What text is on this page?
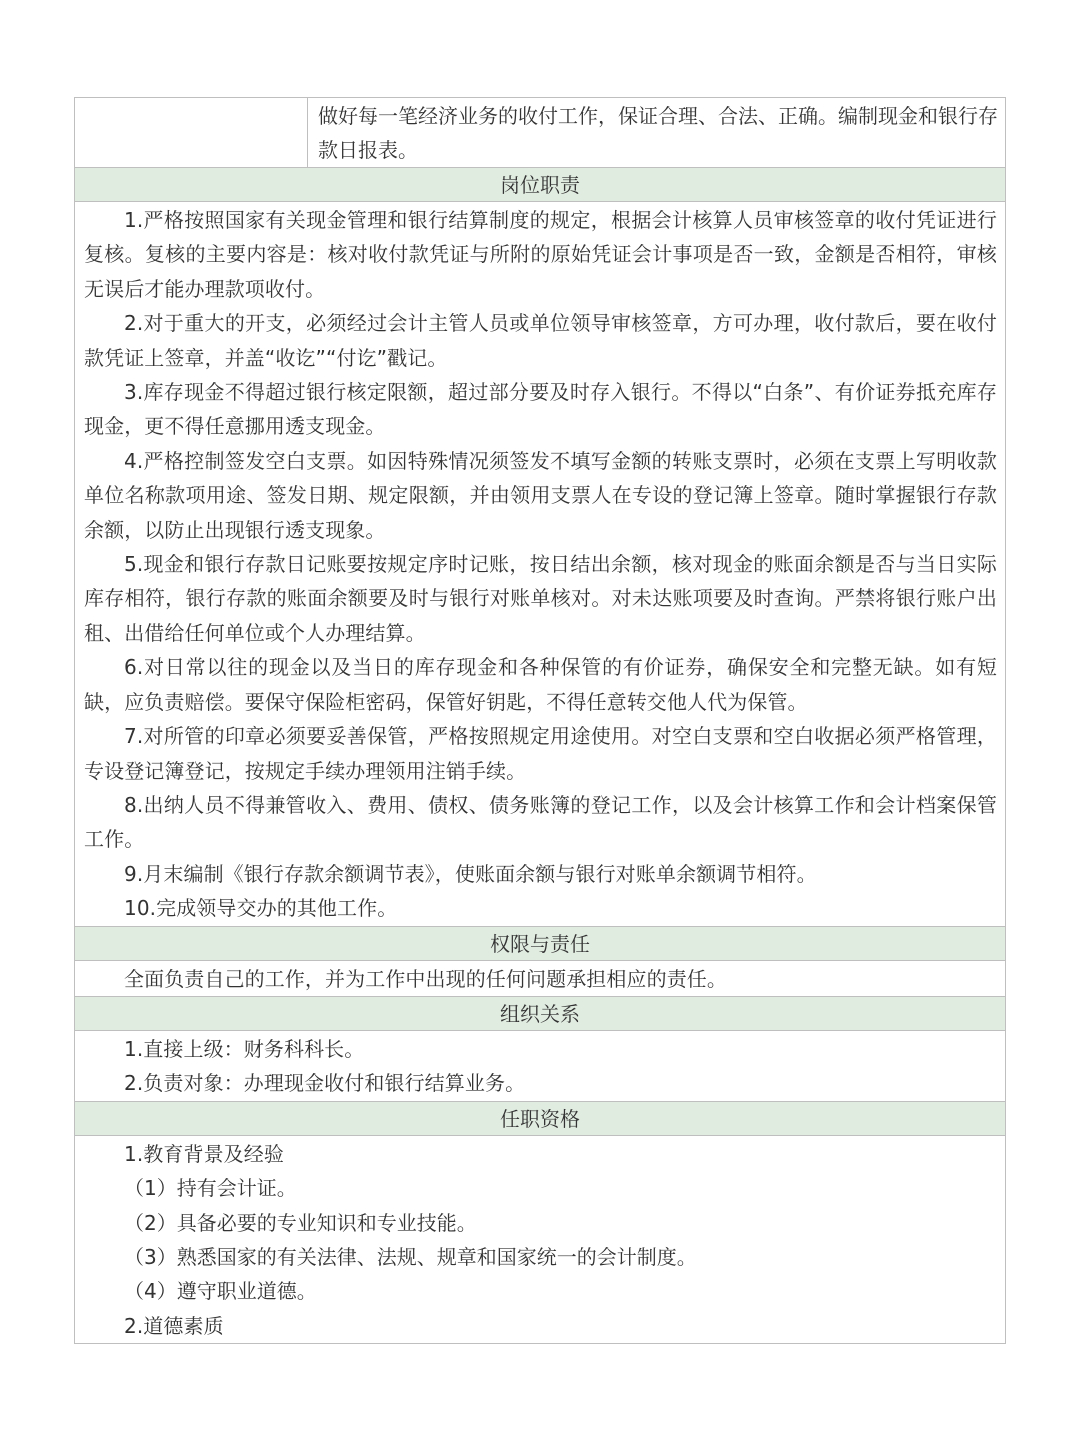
做好每一笔经济业务的收付工作，保证合理、合法、正确。编制现金和银行存款日报表。
岗位职责

1.严格按照国家有关现金管理和银行结算制度的规定，根据会计核算人员审核签章的收付凭证进行复核。复核的主要内容是：核对收付款凭证与所附的原始凭证会计事项是否一致，金额是否相符，审核无误后才能办理款项收付。

2.对于重大的开支，必须经过会计主管人员或单位领导审核签章，方可办理，收付款后，要在收付款凭证上签章，并盖“收讫”“付讫”戳记。

3.库存现金不得超过银行核定限额，超过部分要及时存入银行。不得以“白条”、有价证券抵充库存现金，更不得任意挪用透支现金。

4.严格控制签发空白支票。如因特殊情况须签发不填写金额的转账支票时，必须在支票上写明收款单位名称款项用途、签发日期、规定限额，并由领用支票人在专设的登记簿上签章。随时掌握银行存款余额，以防止出现银行透支现象。

5.现金和银行存款日记账要按规定序时记账，按日结出余额，核对现金的账面余额是否与当日实际库存相符，银行存款的账面余额要及时与银行对账单核对。对未达账项要及时查询。严禁将银行账户出租、出借给任何单位或个人办理结算。

6.对日常以往的现金以及当日的库存现金和各种保管的有价证券，确保安全和完整无缺。如有短缺，应负责赔偿。要保守保险柜密码，保管好钥匙，不得任意转交他人代为保管。

7.对所管的印章必须要妥善保管，严格按照规定用途使用。对空白支票和空白收据必须严格管理，专设登记簿登记，按规定手续办理领用注销手续。

8.出纳人员不得兼管收入、费用、债权、债务账簿的登记工作，以及会计核算工作和会计档案保管工作。

9.月末编制《银行存款余额调节表》，使账面余额与银行对账单余额调节相符。

10.完成领导交办的其他工作。

权限与责任

全面负责自己的工作，并为工作中出现的任何问题承担相应的责任。

组织关系

1.直接上级：财务科科长。

2.负责对象：办理现金收付和银行结算业务。

任职资格

1.教育背景及经验

（1）持有会计证。

（2）具备必要的专业知识和专业技能。

（3）熟悉国家的有关法律、法规、规章和国家统一的会计制度。

（4）遵守职业道德。

2.道德素质
